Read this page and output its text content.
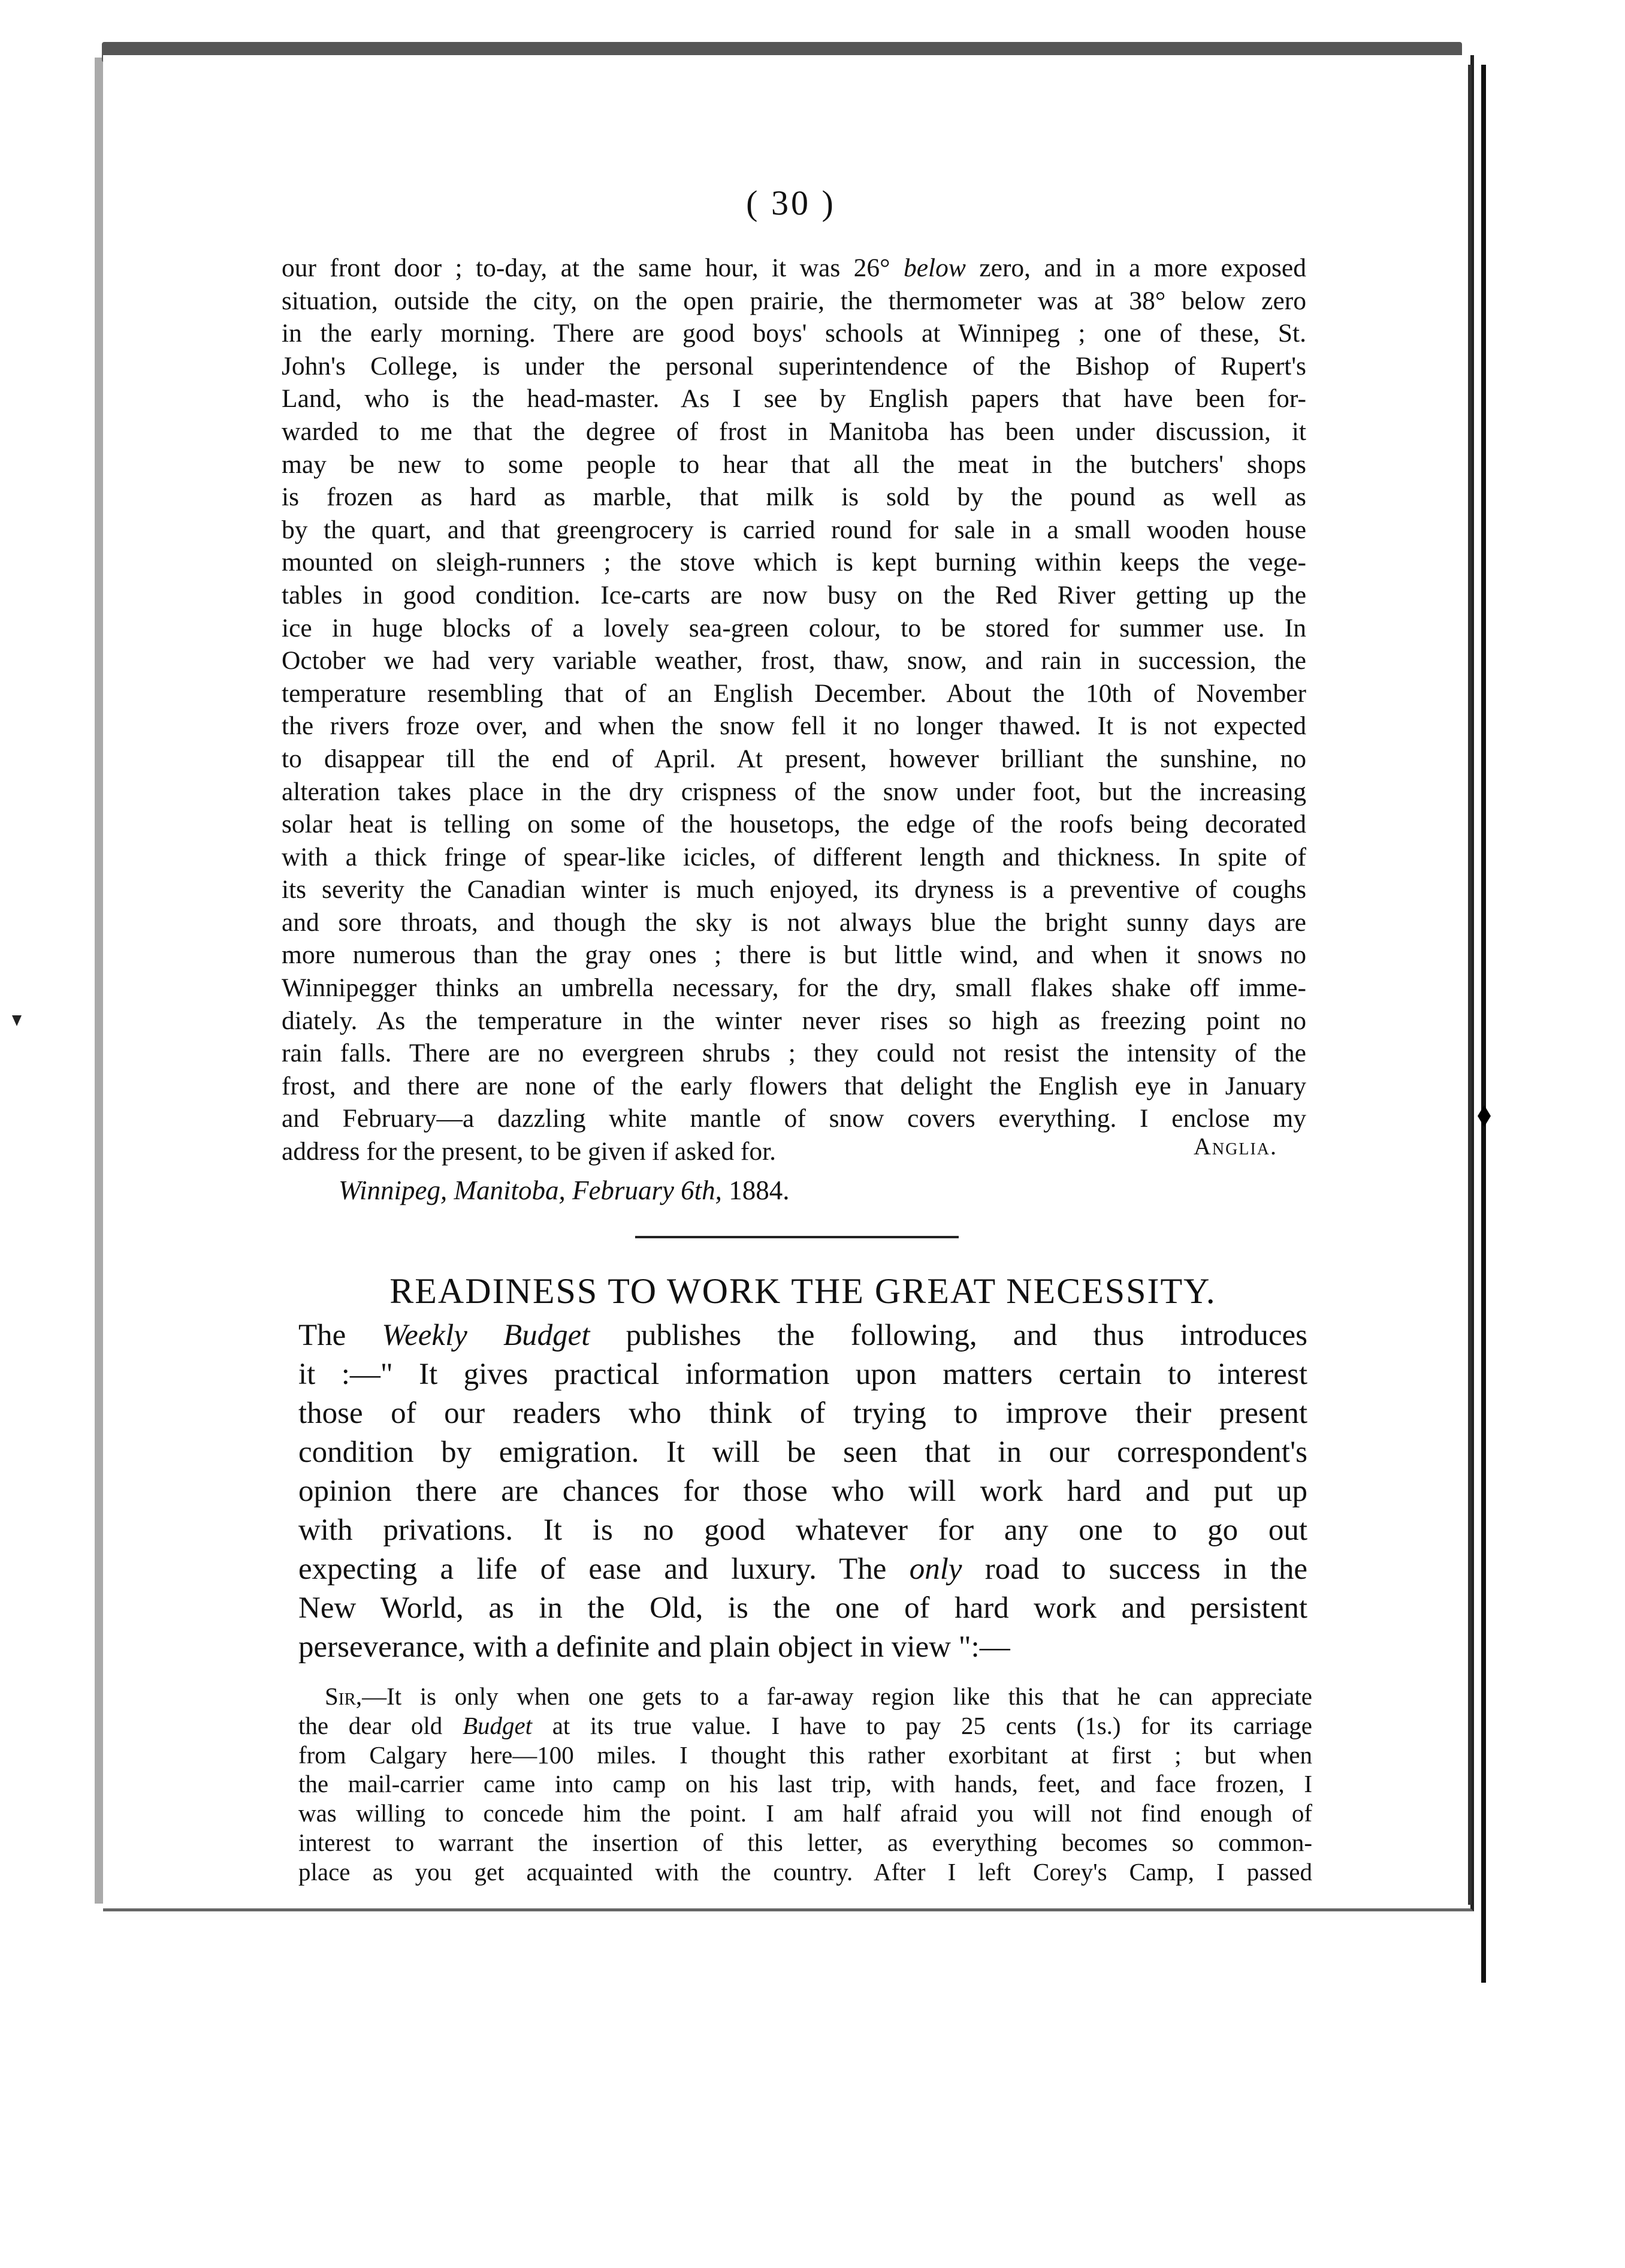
( 30 )
our front door ; to-day, at the same hour, it was 26° below zero, and in a more exposed
situation, outside the city, on the open prairie, the thermometer was at 38° below zero
in the early morning. There are good boys' schools at Winnipeg ; one of these, St.
John's College, is under the personal superintendence of the Bishop of Rupert's
Land, who is the head-master. As I see by English papers that have been for-
warded to me that the degree of frost in Manitoba has been under discussion, it
may be new to some people to hear that all the meat in the butchers' shops
is frozen as hard as marble, that milk is sold by the pound as well as
by the quart, and that greengrocery is carried round for sale in a small wooden house
mounted on sleigh-runners ; the stove which is kept burning within keeps the vege-
tables in good condition. Ice-carts are now busy on the Red River getting up the
ice in huge blocks of a lovely sea-green colour, to be stored for summer use. In
October we had very variable weather, frost, thaw, snow, and rain in succession, the
temperature resembling that of an English December. About the 10th of November
the rivers froze over, and when the snow fell it no longer thawed. It is not expected
to disappear till the end of April. At present, however brilliant the sunshine, no
alteration takes place in the dry crispness of the snow under foot, but the increasing
solar heat is telling on some of the housetops, the edge of the roofs being decorated
with a thick fringe of spear-like icicles, of different length and thickness. In spite of
its severity the Canadian winter is much enjoyed, its dryness is a preventive of coughs
and sore throats, and though the sky is not always blue the bright sunny days are
more numerous than the gray ones ; there is but little wind, and when it snows no
Winnipegger thinks an umbrella necessary, for the dry, small flakes shake off imme-
diately. As the temperature in the winter never rises so high as freezing point no
rain falls. There are no evergreen shrubs ; they could not resist the intensity of the
frost, and there are none of the early flowers that delight the English eye in January
and February—a dazzling white mantle of snow covers everything. I enclose my
address for the present, to be given if asked for.	Anglia.
Winnipeg, Manitoba, February 6th, 1884.
READINESS TO WORK THE GREAT NECESSITY.
The Weekly Budget publishes the following, and thus introduces
it :—" It gives practical information upon matters certain to interest
those of our readers who think of trying to improve their present
condition by emigration. It will be seen that in our correspondent's
opinion there are chances for those who will work hard and put up
with privations. It is no good whatever for any one to go out
expecting a life of ease and luxury. The only road to success in the
New World, as in the Old, is the one of hard work and persistent
perseverance, with a definite and plain object in view ":—
Sir,—It is only when one gets to a far-away region like this that he can appreciate
the dear old Budget at its true value. I have to pay 25 cents (1s.) for its carriage
from Calgary here—100 miles. I thought this rather exorbitant at first ; but when
the mail-carrier came into camp on his last trip, with hands, feet, and face frozen, I
was willing to concede him the point. I am half afraid you will not find enough of
interest to warrant the insertion of this letter, as everything becomes so common-
place as you get acquainted with the country. After I left Corey's Camp, I passed
